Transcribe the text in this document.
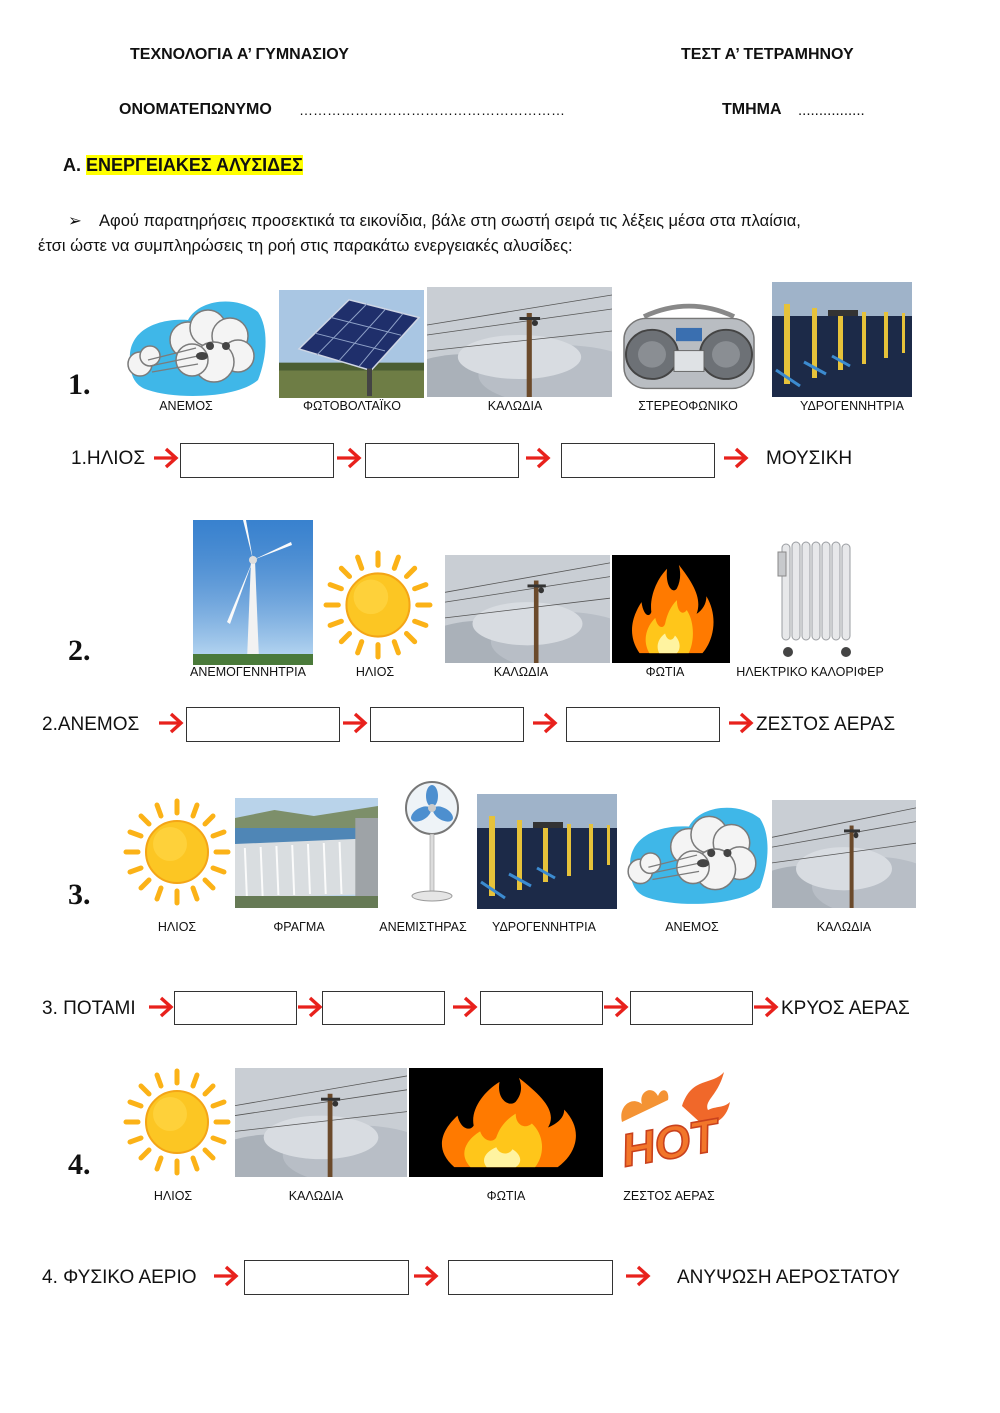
ΤΕΧΝΟΛΟΓΙΑ Α’ ΓΥΜΝΑΣΙΟΥ	ΤΕΣΤ Α’ ΤΕΤΡΑΜΗΝΟΥ
ΟΝΟΜΑΤΕΠΩΝΥΜΟ …………………………………………………	ΤΜΗΜΑ ................
Α. ΕΝΕΡΓΕΙΑΚΕΣ ΑΛΥΣΙΔΕΣ
➢ Αφού παρατηρήσεις προσεκτικά τα εικονίδια, βάλε στη σωστή σειρά τις λέξεις μέσα στα πλαίσια,
έτσι ώστε να συμπληρώσεις τη ροή στις παρακάτω ενεργειακές αλυσίδες:
1.
ΑΝΕΜΟΣ	ΦΩΤΟΒΟΛΤΑΪΚΟ	ΚΑΛΩΔΙΑ	ΣΤΕΡΕΟΦΩΝΙΚΟ	ΥΔΡΟΓΕΝΝΗΤΡΙΑ
1.ΗΛΙΟΣ	ΜΟΥΣΙΚΗ
2.
ΑΝΕΜΟΓΕΝΝΗΤΡΙΑ	ΗΛΙΟΣ	ΚΑΛΩΔΙΑ	ΦΩΤΙΑ	ΗΛΕΚΤΡΙΚΟ ΚΑΛΟΡΙΦΕΡ
2.ΑΝΕΜΟΣ	ΖΕΣΤΟΣ ΑΕΡΑΣ
3.
ΗΛΙΟΣ	ΦΡΑΓΜΑ	ΑΝΕΜΙΣΤΗΡΑΣ	ΥΔΡΟΓΕΝΝΗΤΡΙΑ	ΑΝΕΜΟΣ	ΚΑΛΩΔΙΑ
3. ΠΟΤΑΜΙ	ΚΡΥΟΣ ΑΕΡΑΣ
4.	HOT
ΗΛΙΟΣ	ΚΑΛΩΔΙΑ	ΦΩΤΙΑ	ΖΕΣΤΟΣ ΑΕΡΑΣ
4. ΦΥΣΙΚΟ ΑΕΡΙΟ	ΑΝΥΨΩΣΗ ΑΕΡΟΣΤΑΤΟΥ
